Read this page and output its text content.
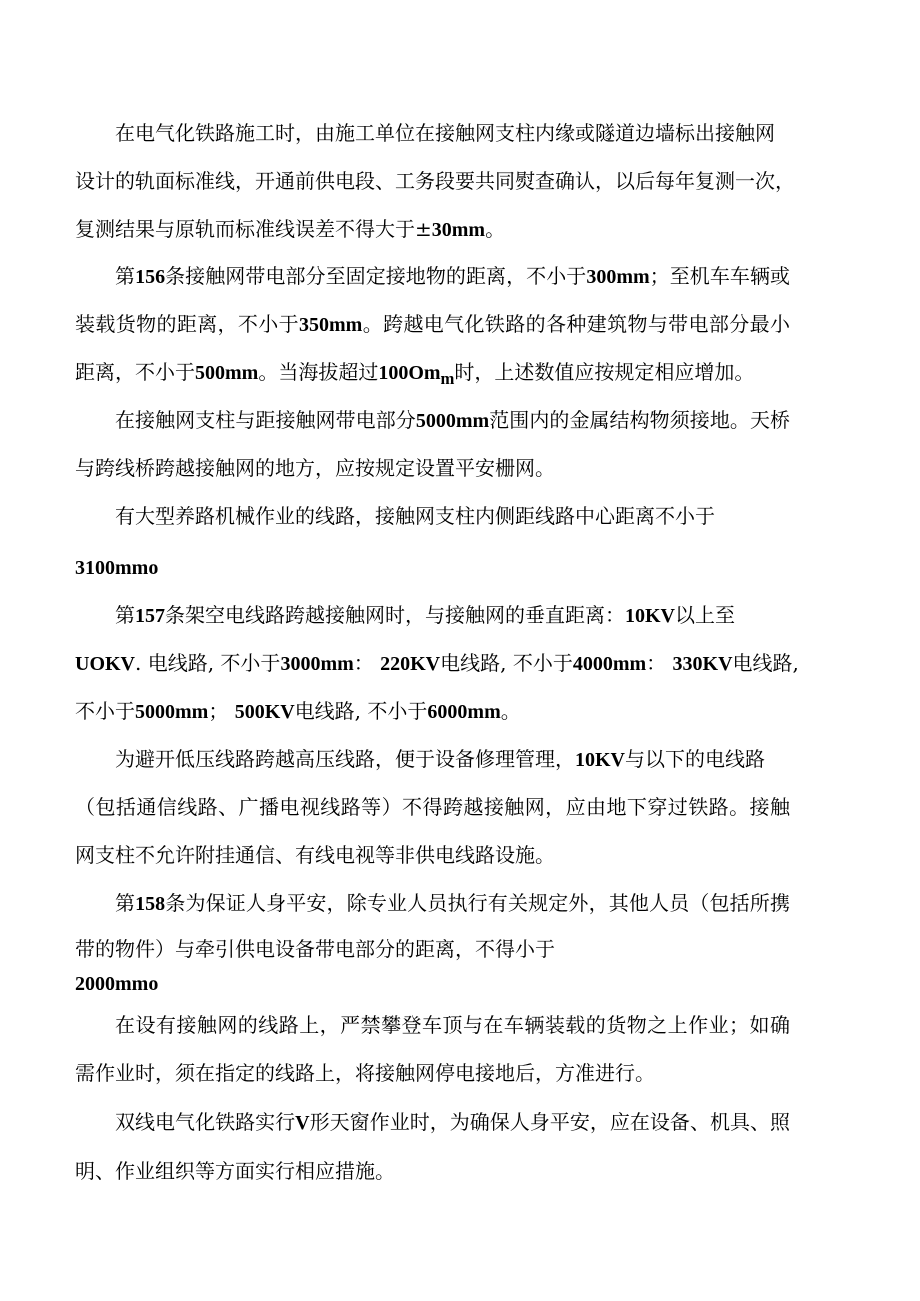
在电气化铁路施工时，由施工单位在接触网支柱内缘或隧道边墙标出接触网
设计的轨面标准线，开通前供电段、工务段要共同熨查确认，以后每年复测一次，
复测结果与原轨而标准线误差不得大于±30mm。
第156条接触网带电部分至固定接地物的距离，不小于300mm；至机车车辆或
装载货物的距离，不小于350mm。跨越电气化铁路的各种建筑物与带电部分最小
距离，不小于500mm。当海拔超过$100Om_m$时，上述数值应按规定相应增加。
在接触网支柱与距接触网带电部分5000mm范围内的金属结构物须接地。天桥
与跨线桥跨越接触网的地方，应按规定设置平安栅网。
有大型养路机械作业的线路，接触网支柱内侧距线路中心距离不小于
3100mmo
第157条架空电线路跨越接触网时，与接触网的垂直距离：10KV以上至
UOKV. 电线路, 不小于3000mm： 220KV电线路, 不小于4000mm： 330KV电线路,
不小于5000mm； 500KV电线路, 不小于6000mm。
为避开低压线路跨越高压线路，便于设备修理管理，10KV与以下的电线路
（包括通信线路、广播电视线路等）不得跨越接触网，应由地下穿过铁路。接触
网支柱不允许附挂通信、有线电视等非供电线路设施。
第158条为保证人身平安，除专业人员执行有关规定外，其他人员（包括所携
带的物件）与牵引供电设备带电部分的距离，不得小于
2000mmo
在设有接触网的线路上，严禁攀登车顶与在车辆装载的货物之上作业；如确
需作业时，须在指定的线路上，将接触网停电接地后，方准进行。
双线电气化铁路实行V形天窗作业时，为确保人身平安，应在设备、机具、照
明、作业组织等方面实行相应措施。
